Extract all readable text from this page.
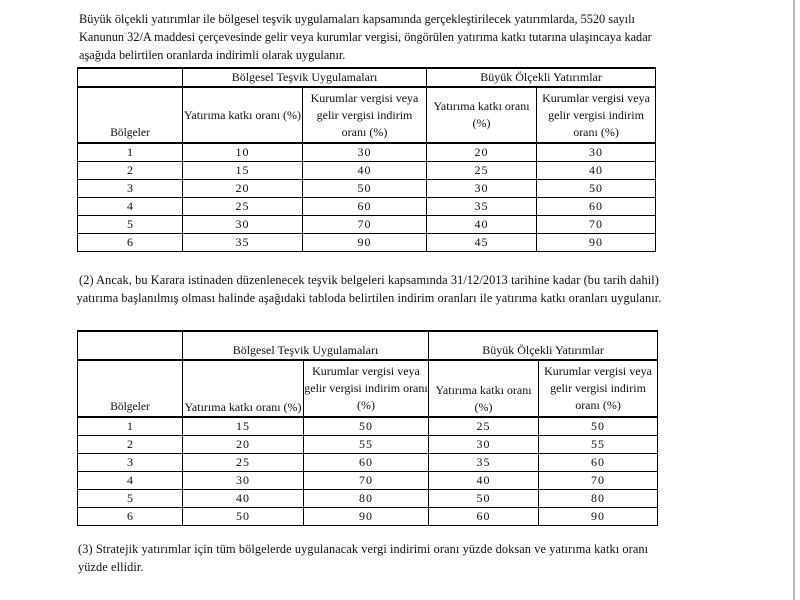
Büyük ölçekli yatırımlar ile bölgesel teşvik uygulamaları kapsamında gerçekleştirilecek yatırımlarda, 5520 sayılı Kanunun 32/A maddesi çerçevesinde gelir veya kurumlar vergisi, öngörülen yatırıma katkı tutarına ulaşıncaya kadar aşağıda belirtilen oranlarda indirimli olarak uygulanır.
	Bölgesel Teşvik Uygulamaları		Büyük Ölçekli Yatırımlar	
Bölgeler	Yatırıma katkı oranı (%)	Kurumlar vergisi veya gelir vergisi indirim oranı (%)	Yatırıma katkı oranı (%)	Kurumlar vergisi veya gelir vergisi indirim oranı (%)
1	10	30	20	30
2	15	40	25	40
3	20	50	30	50
4	25	60	35	60
5	30	70	40	70
6	35	90	45	90
(2) Ancak, bu Karara istinaden düzenlenecek teşvik belgeleri kapsamında 31/12/2013 tarihine kadar (bu tarih dahil) yatırıma başlanılmış olması halinde aşağıdaki tabloda belirtilen indirim oranları ile yatırıma katkı oranları uygulanır.
	Bölgesel Teşvik Uygulamaları		Büyük Ölçekli Yatırımlar	
Bölgeler	Yatırıma katkı oranı (%)	Kurumlar vergisi veya gelir vergisi indirim oranı (%)	Yatırıma katkı oranı (%)	Kurumlar vergisi veya gelir vergisi indirim oranı (%)
1	15	50	25	50
2	20	55	30	55
3	25	60	35	60
4	30	70	40	70
5	40	80	50	80
6	50	90	60	90
(3) Stratejik yatırımlar için tüm bölgelerde uygulanacak vergi indirimi oranı yüzde doksan ve yatırıma katkı oranı yüzde ellidir.
